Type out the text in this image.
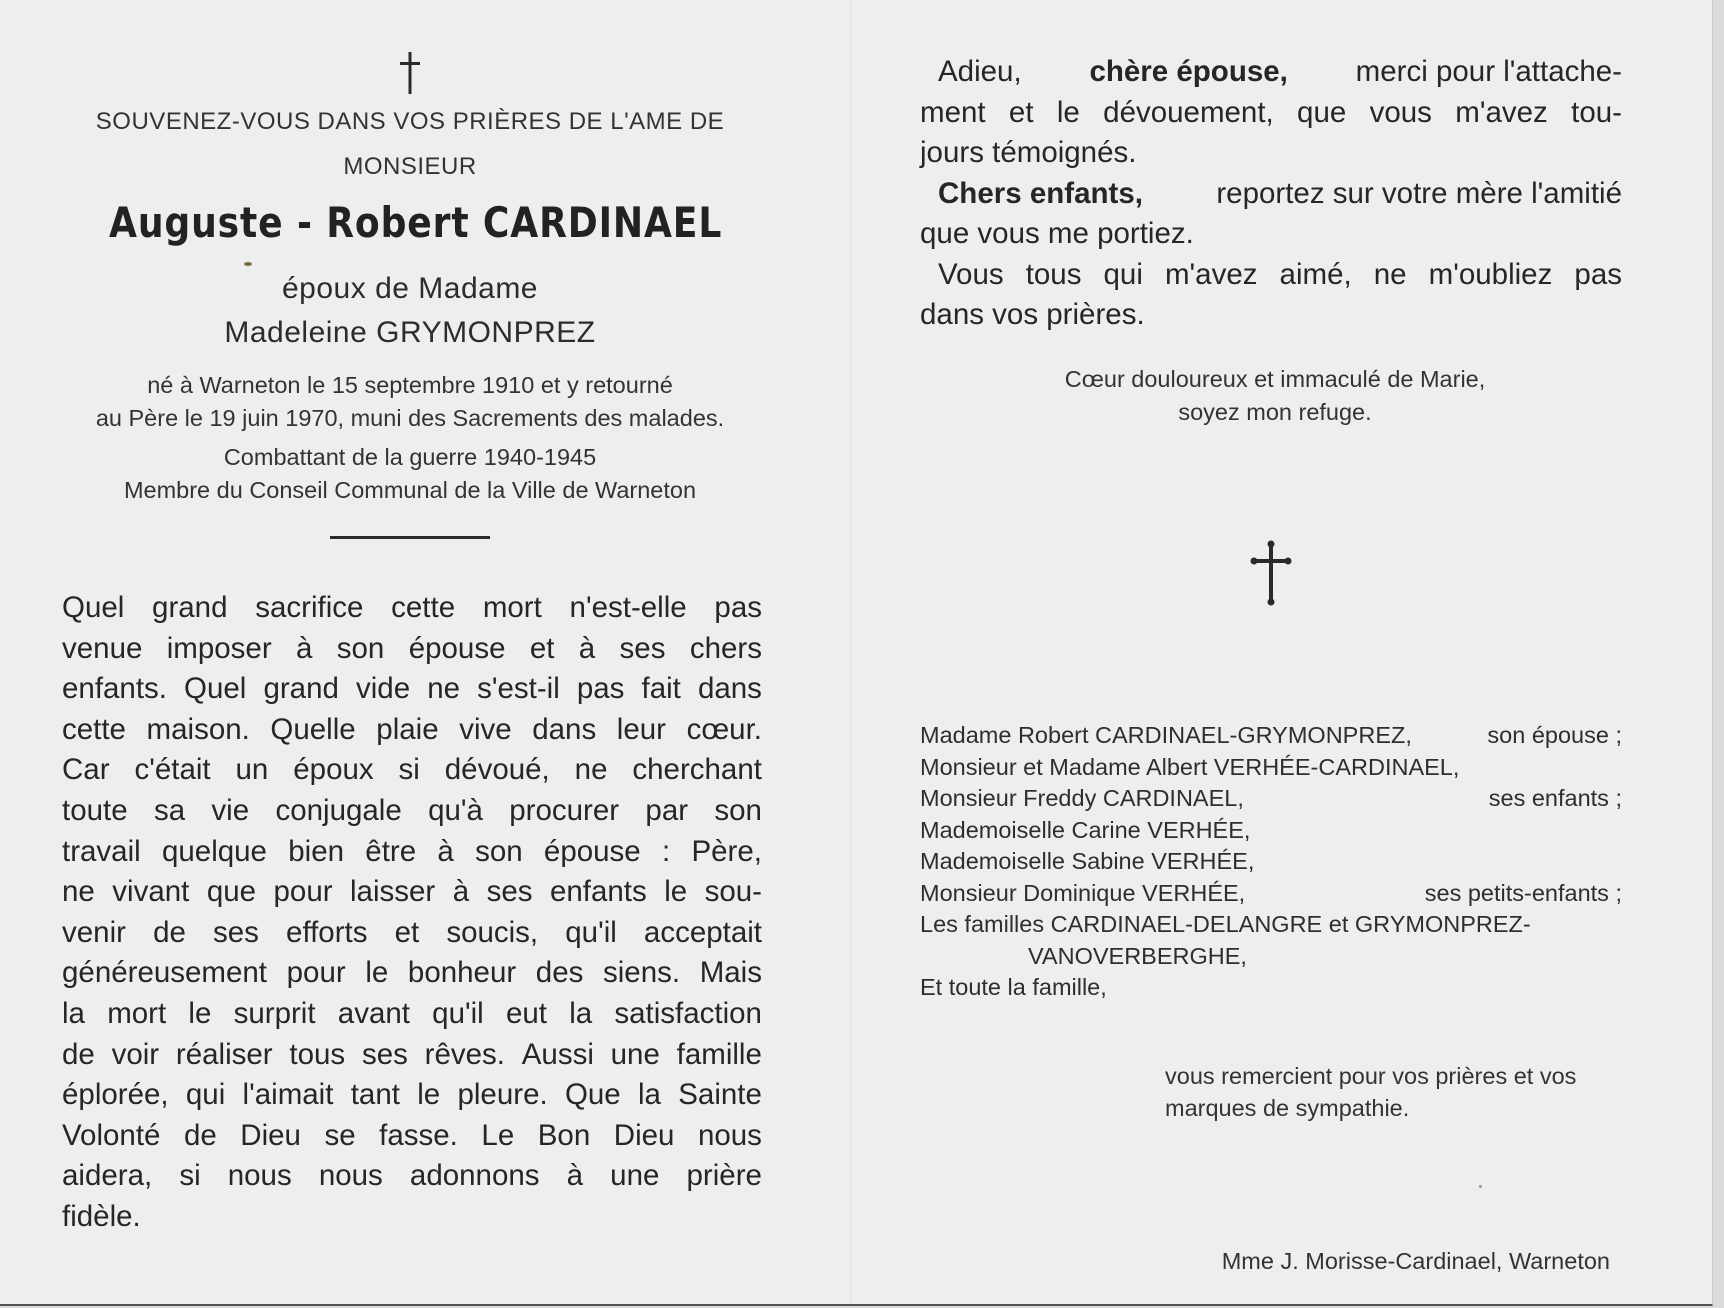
SOUVENEZ-VOUS DANS VOS PRIÈRES DE L'AME DE
MONSIEUR
Auguste - Robert CARDINAEL
époux de Madame
Madeleine GRYMONPREZ
né à Warneton le 15 septembre 1910 et y retourné
au Père le 19 juin 1970, muni des Sacrements des malades.
Combattant de la guerre 1940-1945
Membre du Conseil Communal de la Ville de Warneton
Quel grand sacrifice cette mort n'est-elle pas
venue imposer à son épouse et à ses chers
enfants. Quel grand vide ne s'est-il pas fait dans
cette maison. Quelle plaie vive dans leur cœur.
Car c'était un époux si dévoué, ne cherchant
toute sa vie conjugale qu'à procurer par son
travail quelque bien être à son épouse : Père,
ne vivant que pour laisser à ses enfants le sou-
venir de ses efforts et soucis, qu'il acceptait
généreusement pour le bonheur des siens. Mais
la mort le surprit avant qu'il eut la satisfaction
de voir réaliser tous ses rêves. Aussi une famille
éplorée, qui l'aimait tant le pleure. Que la Sainte
Volonté de Dieu se fasse. Le Bon Dieu nous
aidera, si nous nous adonnons à une prière
fidèle.
Adieu, chère épouse, merci pour l'attache-
ment et le dévouement, que vous m'avez tou-
jours témoignés.
Chers enfants, reportez sur votre mère l'amitié
que vous me portiez.
Vous tous qui m'avez aimé, ne m'oubliez pas
dans vos prières.
Cœur douloureux et immaculé de Marie,
soyez mon refuge.
Madame Robert CARDINAEL-GRYMONPREZ,	son épouse ;
Monsieur et Madame Albert VERHÉE-CARDINAEL,
Monsieur Freddy CARDINAEL,	ses enfants ;
Mademoiselle Carine VERHÉE,
Mademoiselle Sabine VERHÉE,
Monsieur Dominique VERHÉE,	ses petits-enfants ;
Les familles CARDINAEL-DELANGRE et GRYMONPREZ-
VANOVERBERGHE,
Et toute la famille,
vous remercient pour vos prières et vos
marques de sympathie.
Mme J. Morisse-Cardinael, Warneton
